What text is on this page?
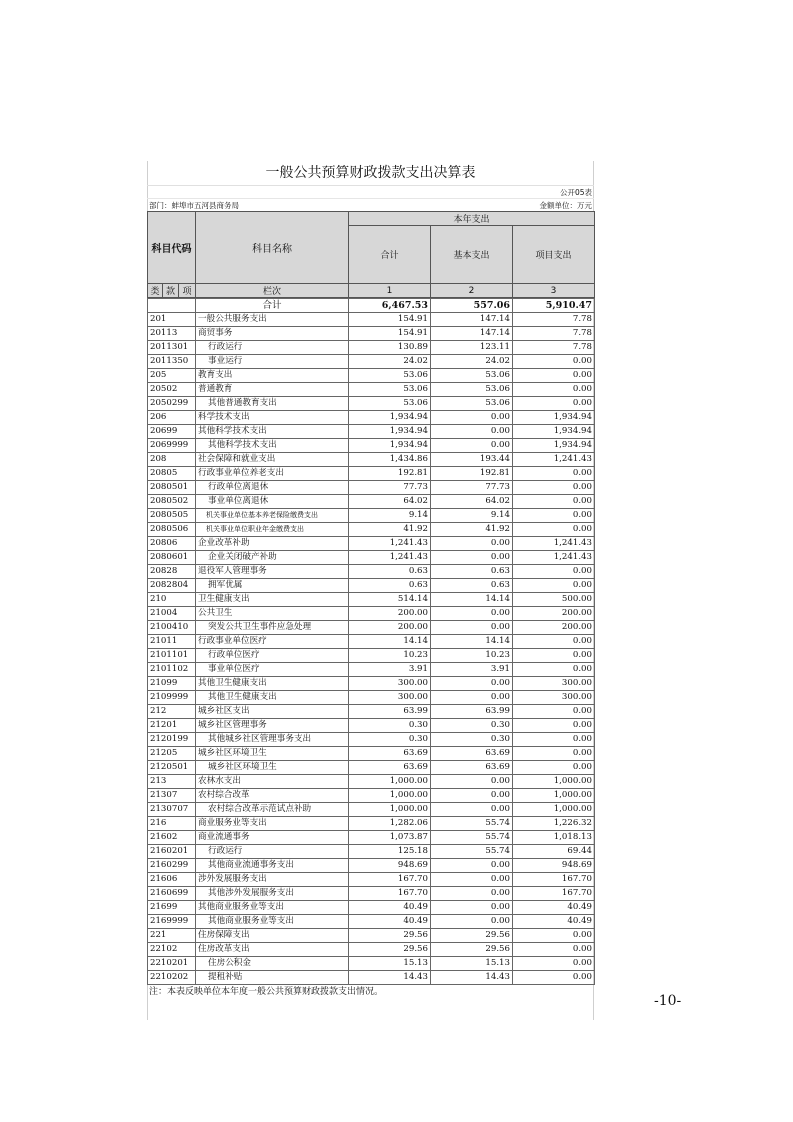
一般公共预算财政拨款支出决算表
公开05表
部门：蚌埠市五河县商务局	金额单位：万元
科目代码			科目名称	本年支出		
				合计	基本支出	项目支出

类	款	项	栏次	1	2	3

	合计	6,467.53	557.06	5,910.47
201	一般公共服务支出	154.91	147.14	7.78
20113	商贸事务	154.91	147.14	7.78
2011301	行政运行	130.89	123.11	7.78
2011350	事业运行	24.02	24.02	0.00
205	教育支出	53.06	53.06	0.00
20502	普通教育	53.06	53.06	0.00
2050299	其他普通教育支出	53.06	53.06	0.00
206	科学技术支出	1,934.94	0.00	1,934.94
20699	其他科学技术支出	1,934.94	0.00	1,934.94
2069999	其他科学技术支出	1,934.94	0.00	1,934.94
208	社会保障和就业支出	1,434.86	193.44	1,241.43
20805	行政事业单位养老支出	192.81	192.81	0.00
2080501	行政单位离退休	77.73	77.73	0.00
2080502	事业单位离退休	64.02	64.02	0.00
2080505	机关事业单位基本养老保险缴费支出	9.14	9.14	0.00
2080506	机关事业单位职业年金缴费支出	41.92	41.92	0.00
20806	企业改革补助	1,241.43	0.00	1,241.43
2080601	企业关闭破产补助	1,241.43	0.00	1,241.43
20828	退役军人管理事务	0.63	0.63	0.00
2082804	拥军优属	0.63	0.63	0.00
210	卫生健康支出	514.14	14.14	500.00
21004	公共卫生	200.00	0.00	200.00
2100410	突发公共卫生事件应急处理	200.00	0.00	200.00
21011	行政事业单位医疗	14.14	14.14	0.00
2101101	行政单位医疗	10.23	10.23	0.00
2101102	事业单位医疗	3.91	3.91	0.00
21099	其他卫生健康支出	300.00	0.00	300.00
2109999	其他卫生健康支出	300.00	0.00	300.00
212	城乡社区支出	63.99	63.99	0.00
21201	城乡社区管理事务	0.30	0.30	0.00
2120199	其他城乡社区管理事务支出	0.30	0.30	0.00
21205	城乡社区环境卫生	63.69	63.69	0.00
2120501	城乡社区环境卫生	63.69	63.69	0.00
213	农林水支出	1,000.00	0.00	1,000.00
21307	农村综合改革	1,000.00	0.00	1,000.00
2130707	农村综合改革示范试点补助	1,000.00	0.00	1,000.00
216	商业服务业等支出	1,282.06	55.74	1,226.32
21602	商业流通事务	1,073.87	55.74	1,018.13
2160201	行政运行	125.18	55.74	69.44
2160299	其他商业流通事务支出	948.69	0.00	948.69
21606	涉外发展服务支出	167.70	0.00	167.70
2160699	其他涉外发展服务支出	167.70	0.00	167.70
21699	其他商业服务业等支出	40.49	0.00	40.49
2169999	其他商业服务业等支出	40.49	0.00	40.49
221	住房保障支出	29.56	29.56	0.00
22102	住房改革支出	29.56	29.56	0.00
2210201	住房公积金	15.13	15.13	0.00
2210202	提租补贴	14.43	14.43	0.00
注：本表反映单位本年度一般公共预算财政拨款支出情况。
-10-
